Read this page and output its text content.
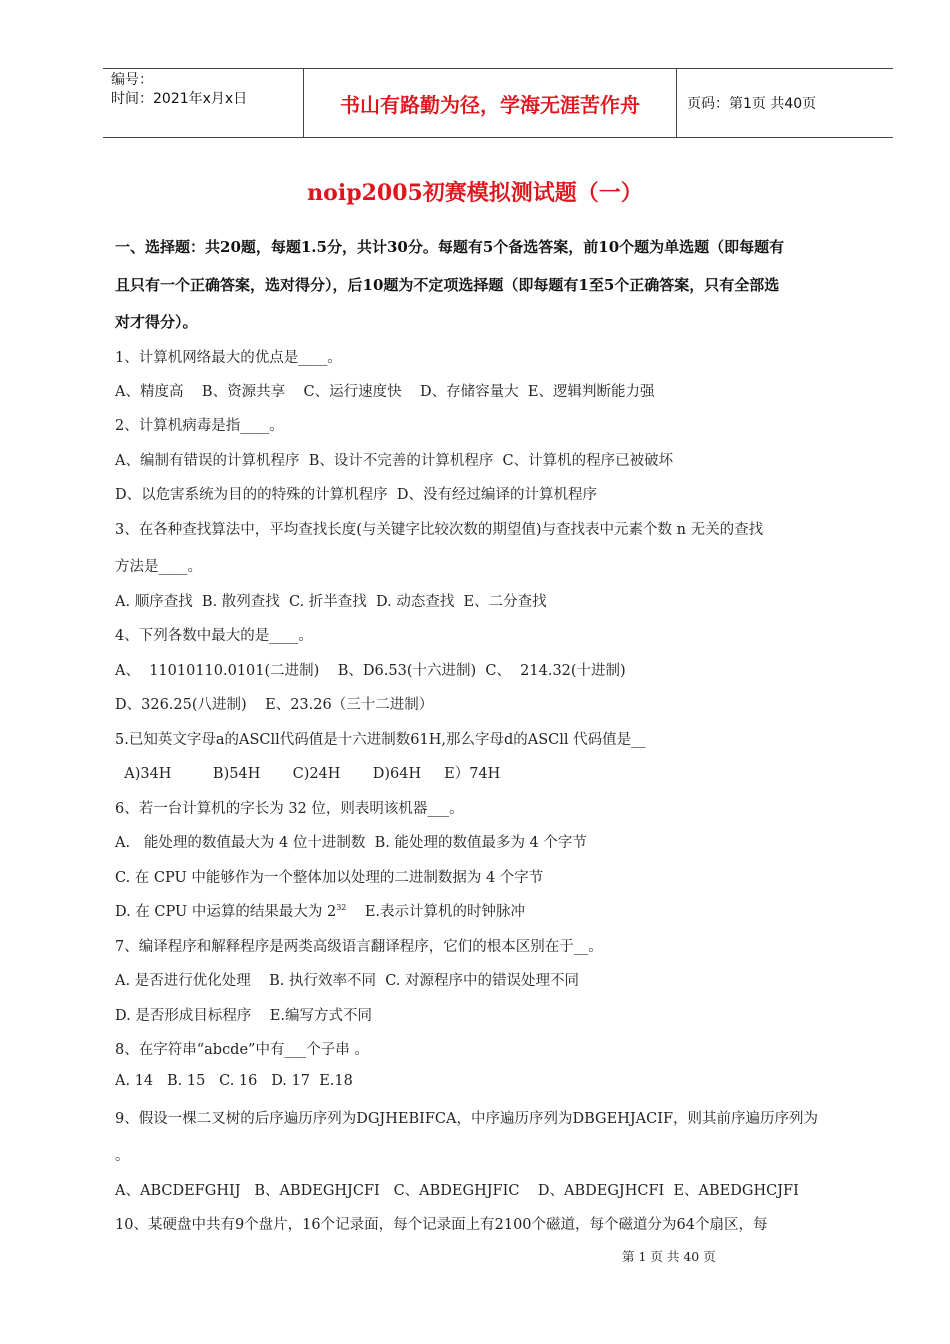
编号：
时间：2021年x月x日	书山有路勤为径，学海无涯苦作舟	页码：第1页 共40页
noip2005初赛模拟测试题（一）
一、选择题：共20题，每题1.5分，共计30分。每题有5个备选答案，前10个题为单选题（即每题有
且只有一个正确答案，选对得分），后10题为不定项选择题（即每题有1至5个正确答案，只有全部选
对才得分）。
1、计算机网络最大的优点是____。
A、精度高    B、资源共享    C、运行速度快    D、存储容量大  E、逻辑判断能力强
2、计算机病毒是指____。
A、编制有错误的计算机程序  B、设计不完善的计算机程序  C、计算机的程序已被破坏
D、以危害系统为目的的特殊的计算机程序  D、没有经过编译的计算机程序
3、在各种查找算法中，平均查找长度(与关键字比较次数的期望值)与查找表中元素个数 n 无关的查找
方法是____。
A. 顺序查找  B. 散列查找  C. 折半查找  D. 动态查找  E、二分查找
4、下列各数中最大的是____。
A、  11010110.0101(二进制)    B、D6.53(十六进制)  C、  214.32(十进制)
D、326.25(八进制)    E、23.26（三十二进制）
5.已知英文字母a的ASCll代码值是十六进制数61H,那么字母d的ASCll 代码值是__
A)34H         B)54H       C)24H       D)64H     E）74H
6、若一台计算机的字长为 32 位，则表明该机器___。
A.   能处理的数值最大为 4 位十进制数  B. 能处理的数值最多为 4 个字节
C. 在 CPU 中能够作为一个整体加以处理的二进制数据为 4 个字节
D. 在 CPU 中运算的结果最大为 $2^{32}$    E.表示计算机的时钟脉冲
7、编译程序和解释程序是两类高级语言翻译程序，它们的根本区别在于__。
A. 是否进行优化处理    B. 执行效率不同  C. 对源程序中的错误处理不同
D. 是否形成目标程序    E.编写方式不同
8、在字符串“abcde”中有___个子串 。
A. 14   B. 15   C. 16   D. 17  E.18
9、假设一棵二叉树的后序遍历序列为DGJHEBIFCA，中序遍历序列为DBGEHJACIF，则其前序遍历序列为
。
A、ABCDEFGHIJ   B、ABDEGHJCFI   C、ABDEGHJFIC    D、ABDEGJHCFI  E、ABEDGHCJFI
10、某硬盘中共有9个盘片，16个记录面，每个记录面上有2100个磁道，每个磁道分为64个扇区，每
第 1 页 共 40 页
